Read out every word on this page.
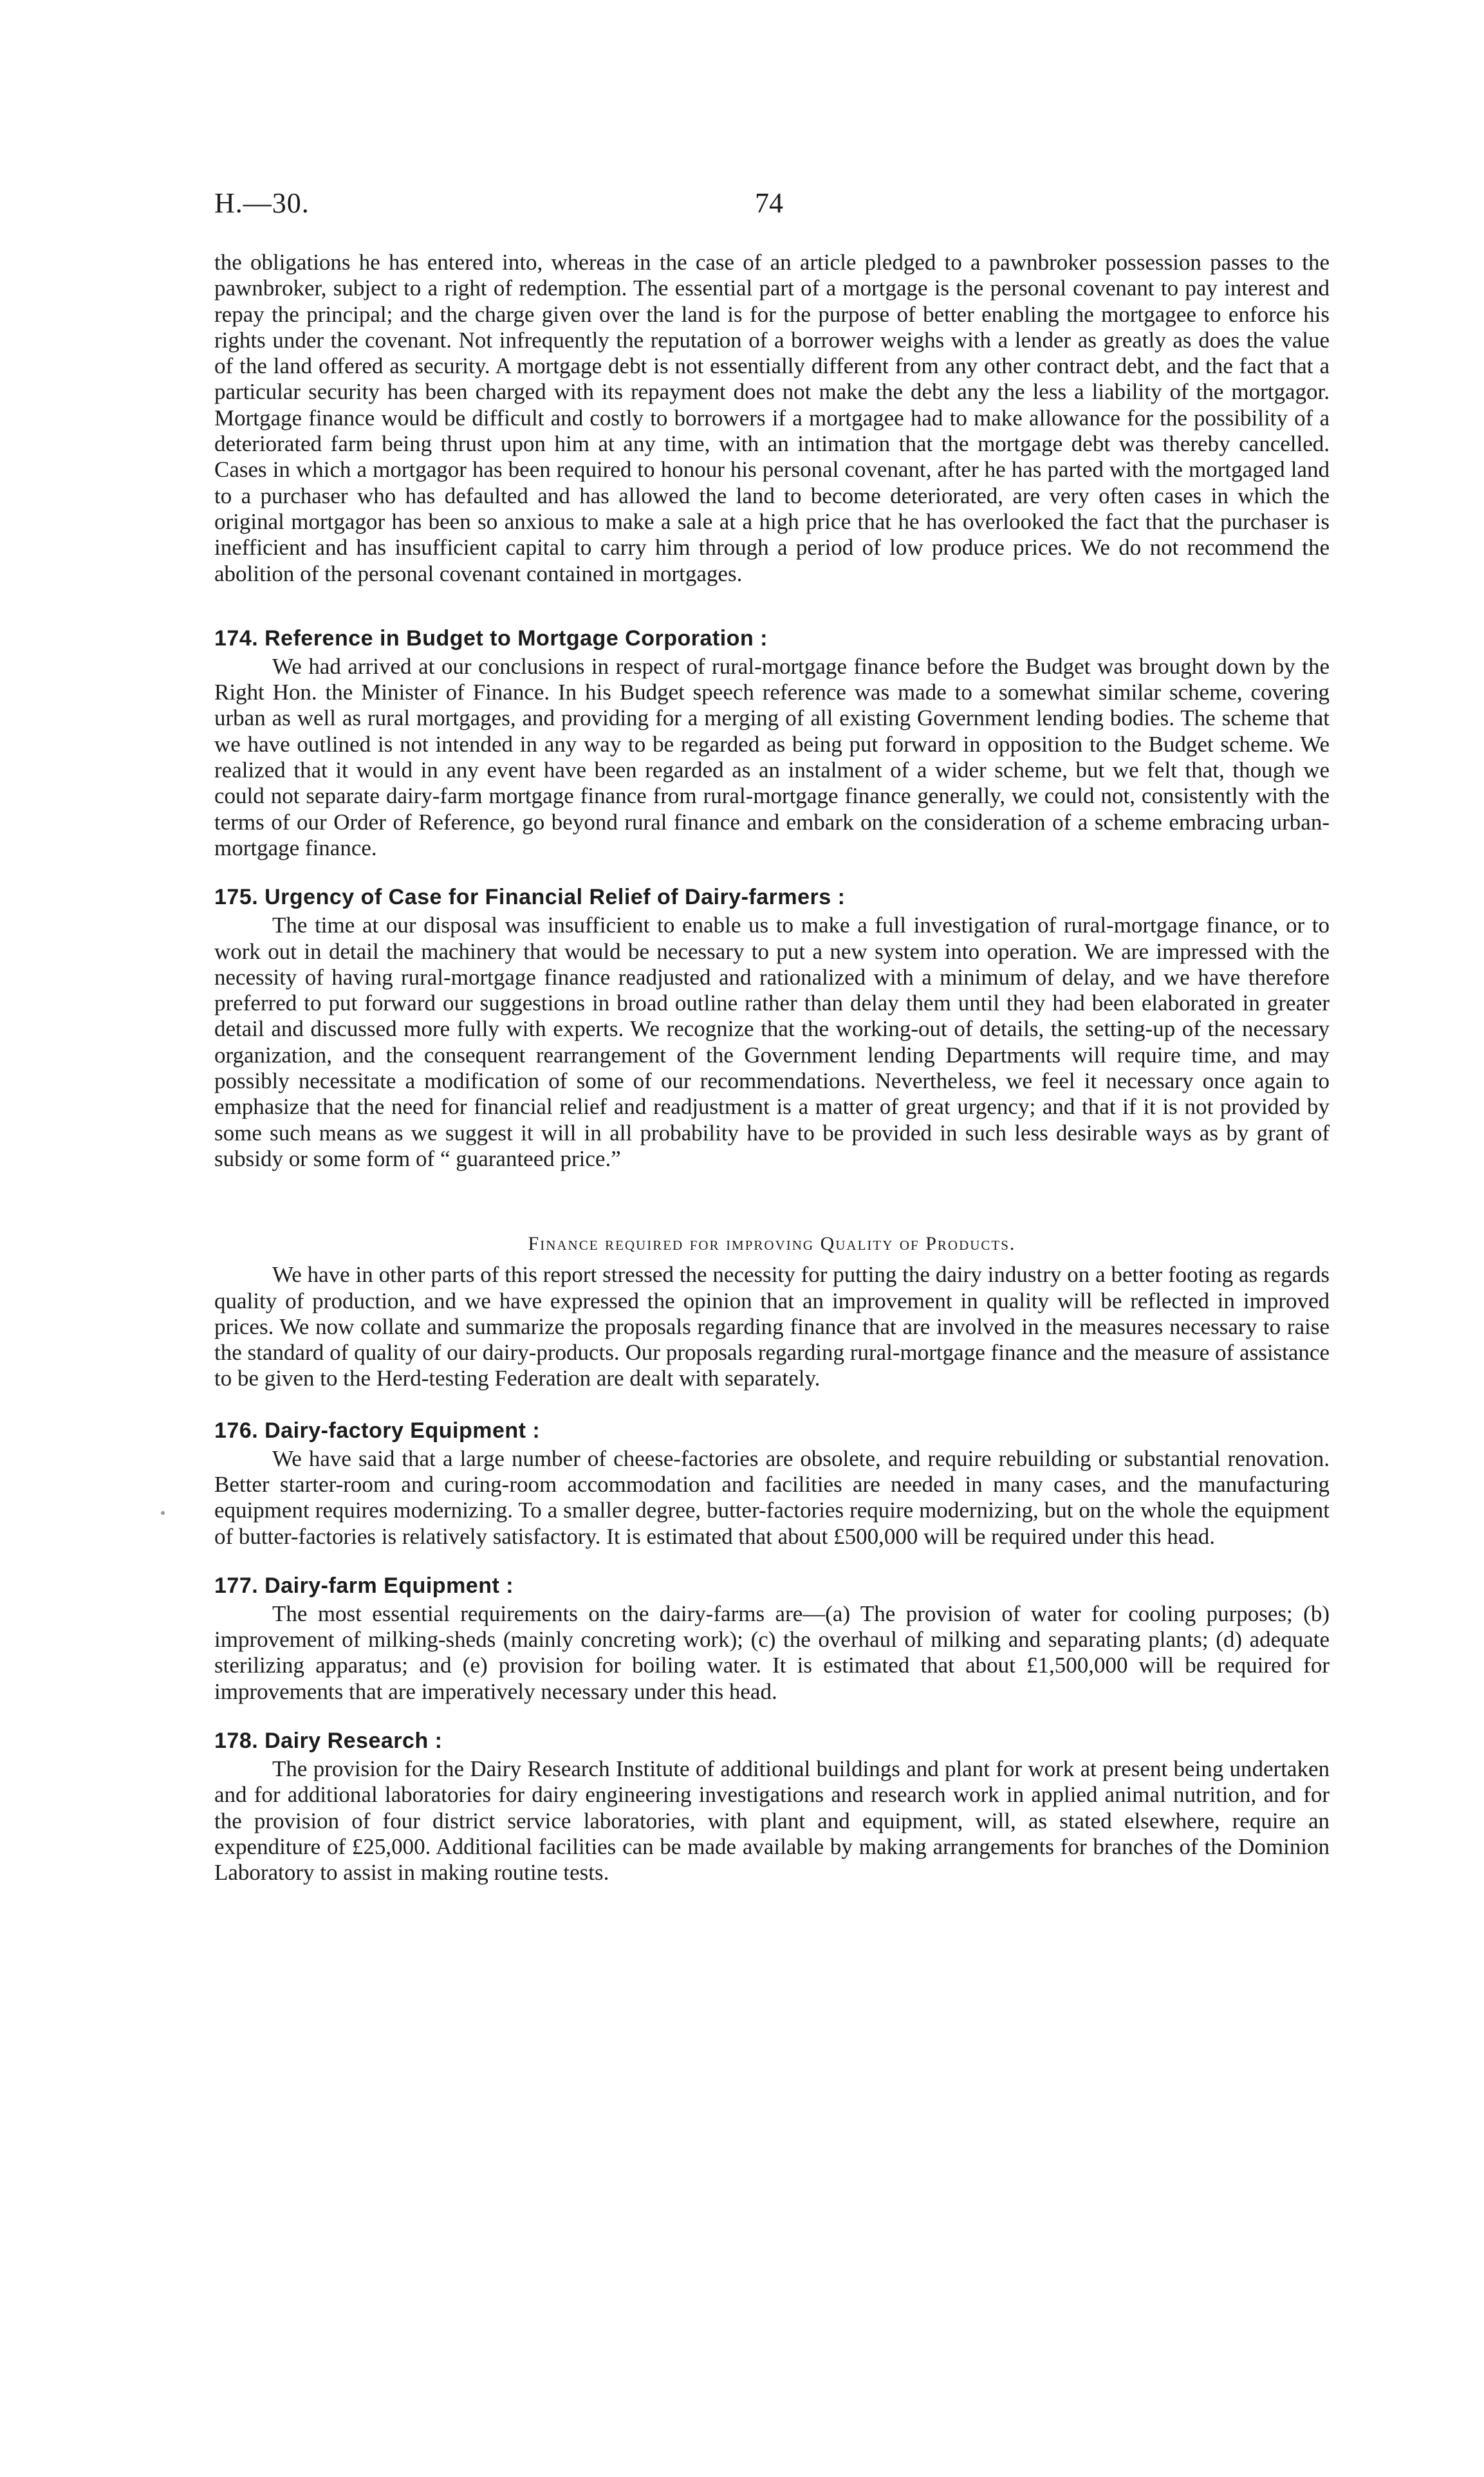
H.—30.	74

the obligations he has entered into, whereas in the case of an article pledged to a pawnbroker possession passes to the pawnbroker, subject to a right of redemption. The essential part of a mortgage is the personal covenant to pay interest and repay the principal; and the charge given over the land is for the purpose of better enabling the mortgagee to enforce his rights under the covenant. Not infrequently the reputation of a borrower weighs with a lender as greatly as does the value of the land offered as security. A mortgage debt is not essentially different from any other contract debt, and the fact that a particular security has been charged with its repayment does not make the debt any the less a liability of the mortgagor. Mortgage finance would be difficult and costly to borrowers if a mortgagee had to make allowance for the possibility of a deteriorated farm being thrust upon him at any time, with an intimation that the mortgage debt was thereby cancelled. Cases in which a mortgagor has been required to honour his personal covenant, after he has parted with the mortgaged land to a purchaser who has defaulted and has allowed the land to become deteriorated, are very often cases in which the original mortgagor has been so anxious to make a sale at a high price that he has overlooked the fact that the purchaser is inefficient and has insufficient capital to carry him through a period of low produce prices. We do not recommend the abolition of the personal covenant contained in mortgages.

174. Reference in Budget to Mortgage Corporation :

We had arrived at our conclusions in respect of rural-mortgage finance before the Budget was brought down by the Right Hon. the Minister of Finance. In his Budget speech reference was made to a somewhat similar scheme, covering urban as well as rural mortgages, and providing for a merging of all existing Government lending bodies. The scheme that we have outlined is not intended in any way to be regarded as being put forward in opposition to the Budget scheme. We realized that it would in any event have been regarded as an instalment of a wider scheme, but we felt that, though we could not separate dairy-farm mortgage finance from rural-mortgage finance generally, we could not, consistently with the terms of our Order of Reference, go beyond rural finance and embark on the consideration of a scheme embracing urban-mortgage finance.

175. Urgency of Case for Financial Relief of Dairy-farmers :

The time at our disposal was insufficient to enable us to make a full investigation of rural-mortgage finance, or to work out in detail the machinery that would be necessary to put a new system into operation. We are impressed with the necessity of having rural-mortgage finance readjusted and rationalized with a minimum of delay, and we have therefore preferred to put forward our suggestions in broad outline rather than delay them until they had been elaborated in greater detail and discussed more fully with experts. We recognize that the working-out of details, the setting-up of the necessary organization, and the consequent rearrangement of the Government lending Departments will require time, and may possibly necessitate a modification of some of our recommendations. Nevertheless, we feel it necessary once again to emphasize that the need for financial relief and readjustment is a matter of great urgency; and that if it is not provided by some such means as we suggest it will in all probability have to be provided in such less desirable ways as by grant of subsidy or some form of “ guaranteed price.”

Finance required for improving Quality of Products.

We have in other parts of this report stressed the necessity for putting the dairy industry on a better footing as regards quality of production, and we have expressed the opinion that an improvement in quality will be reflected in improved prices. We now collate and summarize the proposals regarding finance that are involved in the measures necessary to raise the standard of quality of our dairy-products. Our proposals regarding rural-mortgage finance and the measure of assistance to be given to the Herd-testing Federation are dealt with separately.

176. Dairy-factory Equipment :

We have said that a large number of cheese-factories are obsolete, and require rebuilding or substantial renovation. Better starter-room and curing-room accommodation and facilities are needed in many cases, and the manufacturing equipment requires modernizing. To a smaller degree, butter-factories require modernizing, but on the whole the equipment of butter-factories is relatively satisfactory. It is estimated that about £500,000 will be required under this head.

177. Dairy-farm Equipment :

The most essential requirements on the dairy-farms are—(a) The provision of water for cooling purposes; (b) improvement of milking-sheds (mainly concreting work); (c) the overhaul of milking and separating plants; (d) adequate sterilizing apparatus; and (e) provision for boiling water. It is estimated that about £1,500,000 will be required for improvements that are imperatively necessary under this head.

178. Dairy Research :

The provision for the Dairy Research Institute of additional buildings and plant for work at present being undertaken and for additional laboratories for dairy engineering investigations and research work in applied animal nutrition, and for the provision of four district service laboratories, with plant and equipment, will, as stated elsewhere, require an expenditure of £25,000. Additional facilities can be made available by making arrangements for branches of the Dominion Laboratory to assist in making routine tests.
